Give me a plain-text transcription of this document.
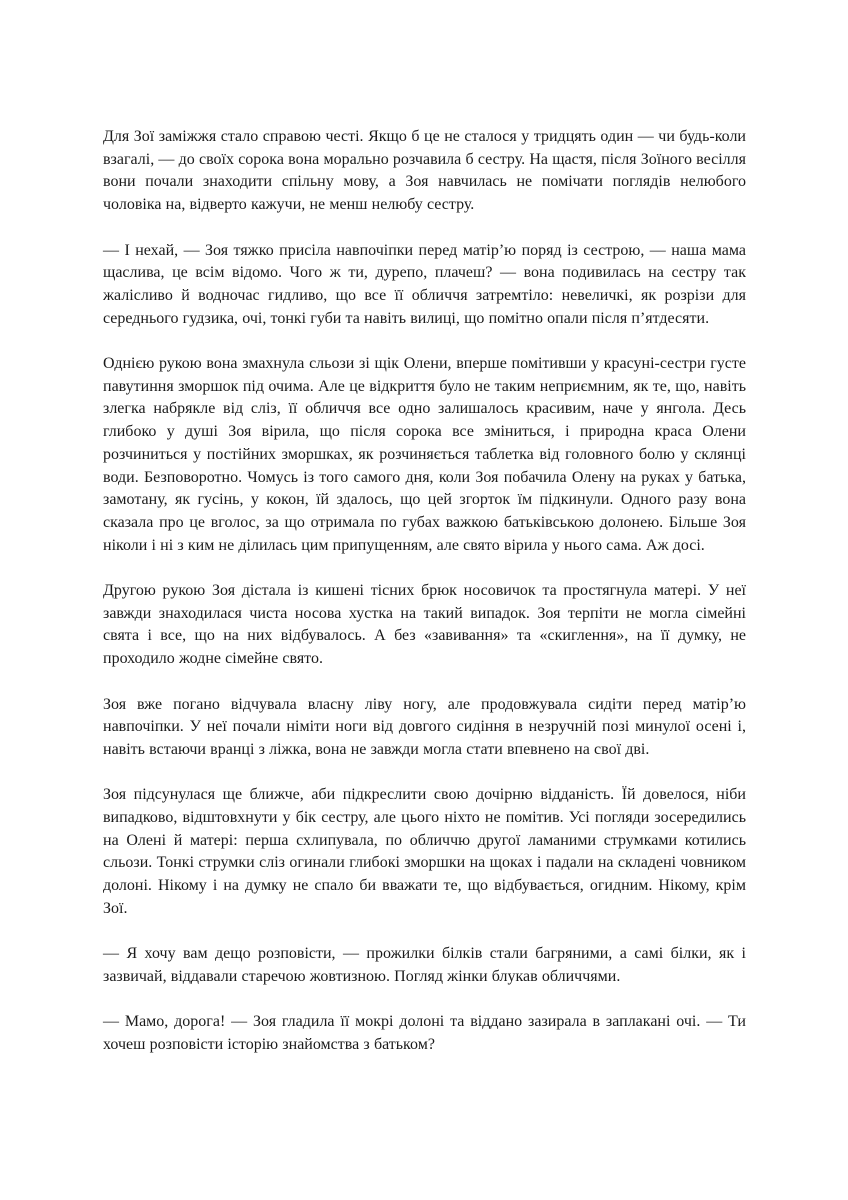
Для Зої заміжжя стало справою честі. Якщо б це не сталося у тридцять один — чи будь-коли взагалі, — до своїх сорока вона морально розчавила б сестру. На щастя, після Зоїного весілля вони почали знаходити спільну мову, а Зоя навчилась не помічати поглядів нелюбого чоловіка на, відверто кажучи, не менш нелюбу сестру.

— І нехай, — Зоя тяжко присіла навпочіпки перед матір’ю поряд із сестрою, — наша мама щаслива, це всім відомо. Чого ж ти, дурепо, плачеш? — вона подивилась на сестру так жалісливо й водночас гидливо, що все її обличчя затремтіло: невеличкі, як розрізи для середнього гудзика, очі, тонкі губи та навіть вилиці, що помітно опали після п’ятдесяти.

Однією рукою вона змахнула сльози зі щік Олени, вперше помітивши у красуні-сестри густе павутиння зморшок під очима. Але це відкриття було не таким неприємним, як те, що, навіть злегка набрякле від сліз, її обличчя все одно залишалось красивим, наче у янгола. Десь глибоко у душі Зоя вірила, що після сорока все зміниться, і природна краса Олени розчиниться у постійних зморшках, як розчиняється таблетка від головного болю у склянці води. Безповоротно. Чомусь із того самого дня, коли Зоя побачила Олену на руках у батька, замотану, як гусінь, у кокон, їй здалось, що цей згорток їм підкинули. Одного разу вона сказала про це вголос, за що отримала по губах важкою батьківською долонею. Більше Зоя ніколи і ні з ким не ділилась цим припущенням, але свято вірила у нього сама. Аж досі.

Другою рукою Зоя дістала із кишені тісних брюк носовичок та простягнула матері. У неї завжди знаходилася чиста носова хустка на такий випадок. Зоя терпіти не могла сімейні свята і все, що на них відбувалось. А без «завивання» та «скиглення», на її думку, не проходило жодне сімейне свято.

Зоя вже погано відчувала власну ліву ногу, але продовжувала сидіти перед матір’ю навпочіпки. У неї почали німіти ноги від довгого сидіння в незручній позі минулої осені і, навіть встаючи вранці з ліжка, вона не завжди могла стати впевнено на свої дві.

Зоя підсунулася ще ближче, аби підкреслити свою дочірню відданість. Їй довелося, ніби випадково, відштовхнути у бік сестру, але цього ніхто не помітив. Усі погляди зосередились на Олені й матері: перша схлипувала, по обличчю другої ламаними струмками котились сльози. Тонкі струмки сліз огинали глибокі зморшки на щоках і падали на складені човником долоні. Нікому і на думку не спало би вважати те, що відбувається, огидним. Нікому, крім Зої.

— Я хочу вам дещо розповісти, — прожилки білків стали багряними, а самі білки, як і зазвичай, віддавали старечою жовтизною. Погляд жінки блукав обличчями.

— Мамо, дорога! — Зоя гладила її мокрі долоні та віддано зазирала в заплакані очі. — Ти хочеш розповісти історію знайомства з батьком?
